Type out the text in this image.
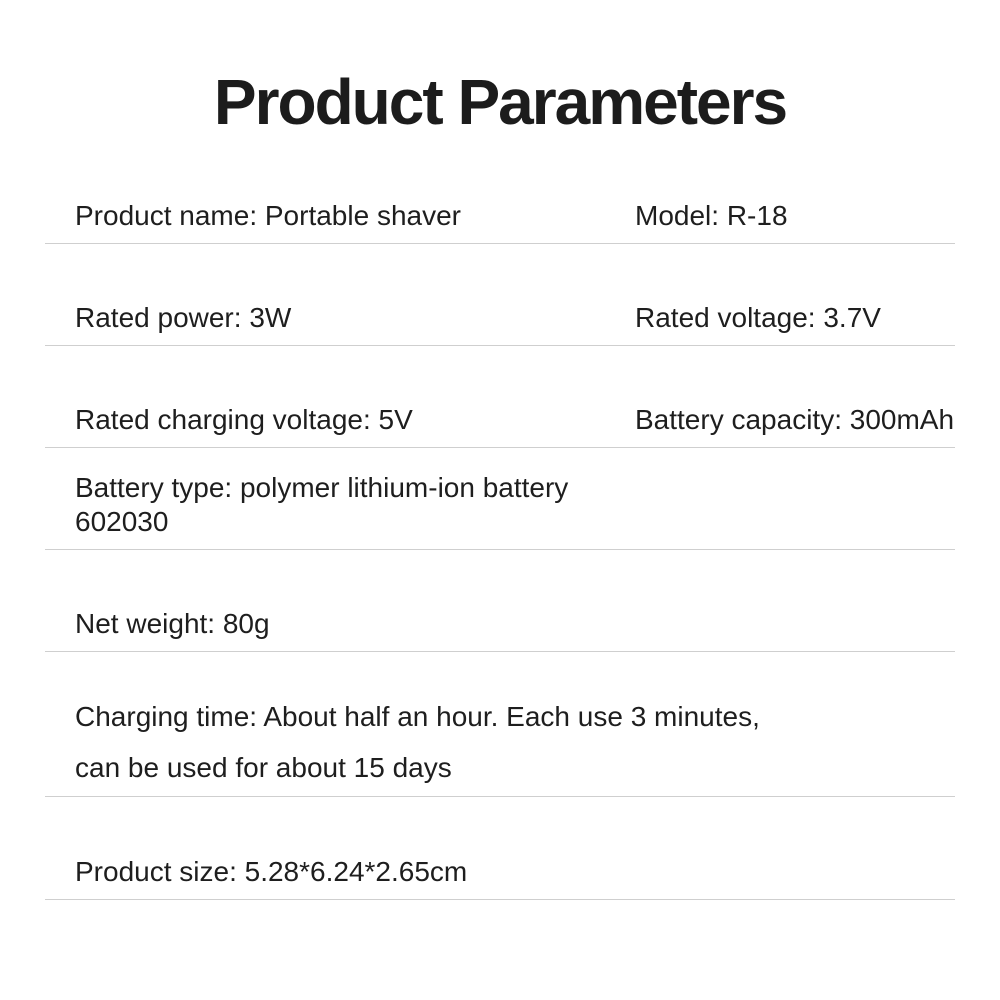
Product Parameters
Product name: Portable shaver	Model: R-18
Rated power: 3W	Rated voltage: 3.7V
Rated charging voltage: 5V	Battery capacity: 300mAh
Battery type: polymer lithium-ion battery 602030
Net weight: 80g
Charging time: About half an hour. Each use 3 minutes,
can be used for about 15 days
Product size: 5.28*6.24*2.65cm
